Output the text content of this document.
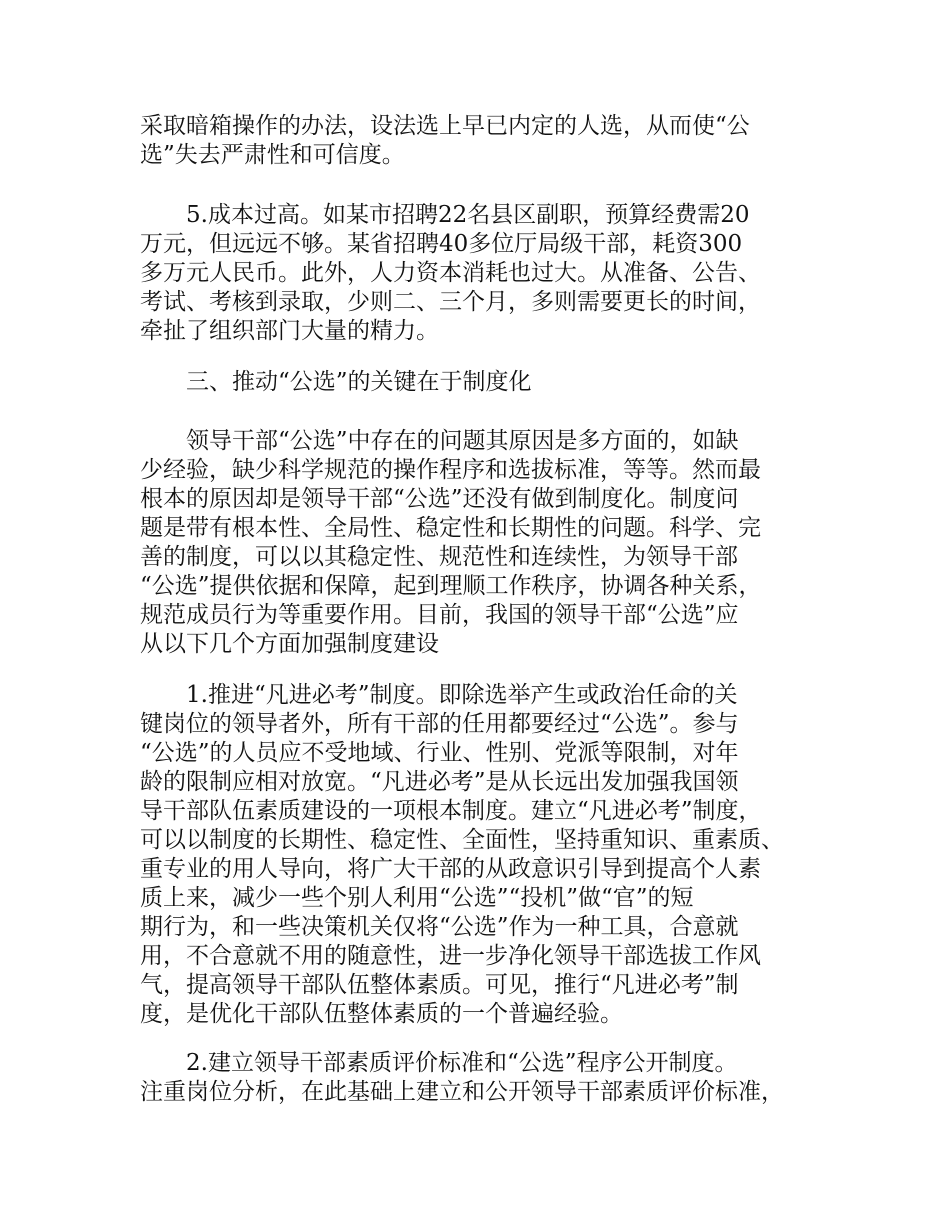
采取暗箱操作的办法，设法选上早已内定的人选，从而使“公
选”失去严肃性和可信度。
　　5.成本过高。如某市招聘22名县区副职，预算经费需20
万元，但远远不够。某省招聘40多位厅局级干部，耗资300
多万元人民币。此外，人力资本消耗也过大。从准备、公告、
考试、考核到录取，少则二、三个月，多则需要更长的时间，
牵扯了组织部门大量的精力。
　　三、推动“公选”的关键在于制度化
　　领导干部“公选”中存在的问题其原因是多方面的，如缺
少经验，缺少科学规范的操作程序和选拔标准，等等。然而最
根本的原因却是领导干部“公选”还没有做到制度化。制度问
题是带有根本性、全局性、稳定性和长期性的问题。科学、完
善的制度，可以以其稳定性、规范性和连续性，为领导干部
“公选”提供依据和保障，起到理顺工作秩序，协调各种关系，
规范成员行为等重要作用。目前，我国的领导干部“公选”应
从以下几个方面加强制度建设
　　1.推进“凡进必考”制度。即除选举产生或政治任命的关
键岗位的领导者外，所有干部的任用都要经过“公选”。参与
“公选”的人员应不受地域、行业、性别、党派等限制，对年
龄的限制应相对放宽。“凡进必考”是从长远出发加强我国领
导干部队伍素质建设的一项根本制度。建立“凡进必考”制度，
可以以制度的长期性、稳定性、全面性，坚持重知识、重素质、
重专业的用人导向，将广大干部的从政意识引导到提高个人素
质上来，减少一些个别人利用“公选”“投机”做“官”的短
期行为，和一些决策机关仅将“公选”作为一种工具，合意就
用，不合意就不用的随意性，进一步净化领导干部选拔工作风
气，提高领导干部队伍整体素质。可见，推行“凡进必考”制
度，是优化干部队伍整体素质的一个普遍经验。
　　2.建立领导干部素质评价标准和“公选”程序公开制度。
注重岗位分析，在此基础上建立和公开领导干部素质评价标准，
